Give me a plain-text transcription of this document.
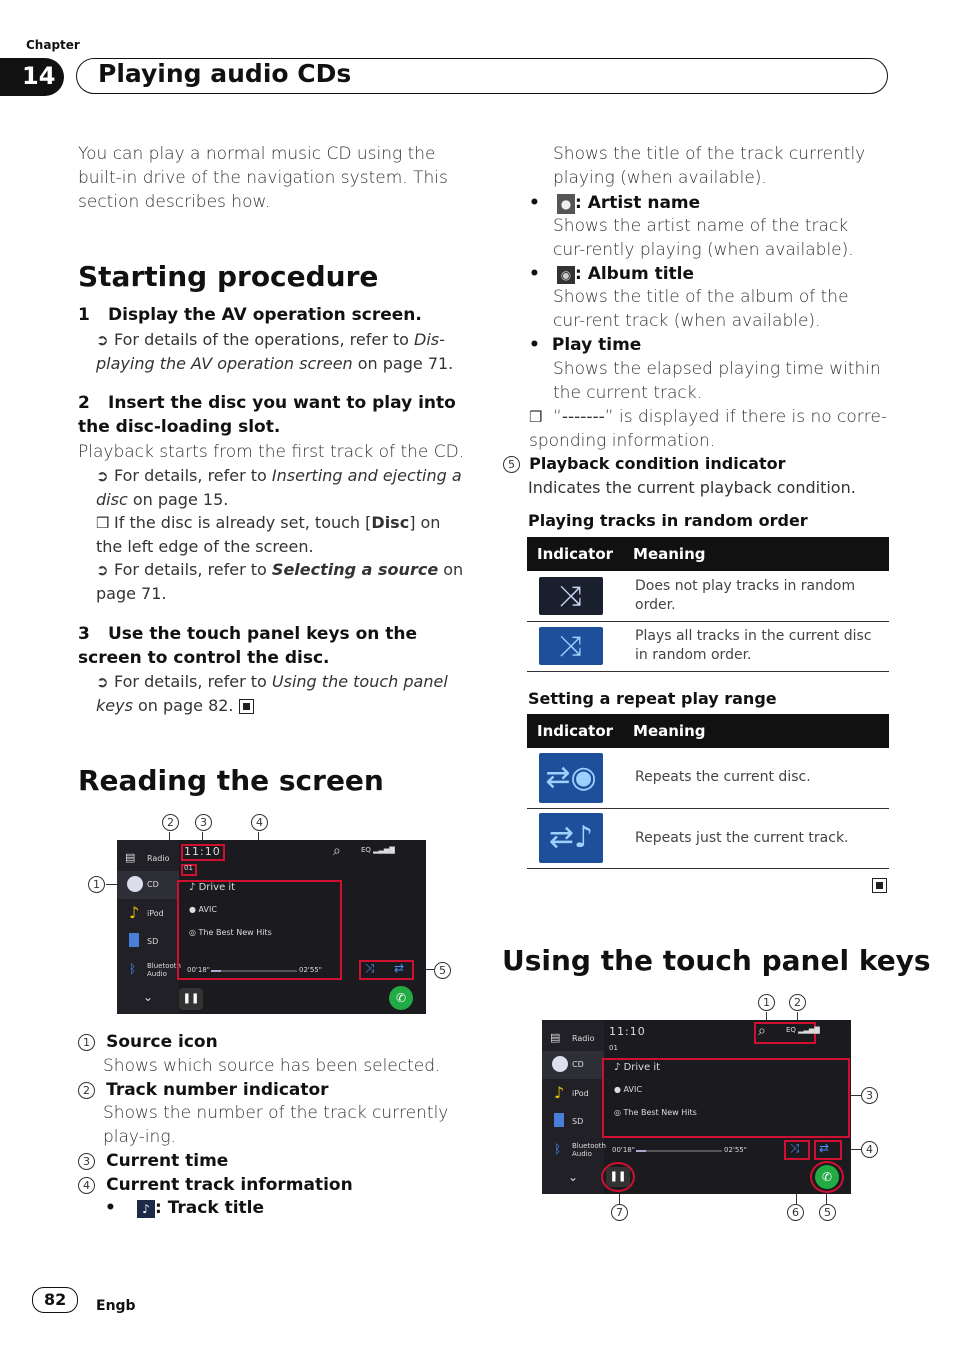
Chapter
14 Playing audio CDs
You can play a normal music CD using the built-in drive of the navigation system. This section describes how.
Starting procedure
1 Display the AV operation screen.
➲ For details of the operations, refer to Dis-playing the AV operation screen on page 71.
2 Insert the disc you want to play into the disc-loading slot.
Playback starts from the first track of the CD.
➲ For details, refer to Inserting and ejecting a disc on page 15.
❒ If the disc is already set, touch [Disc] on the left edge of the screen.
➲ For details, refer to Selecting a source on page 71.
3 Use the touch panel keys on the screen to control the disc.
➲ For details, refer to Using the touch panel keys on page 82.
Reading the screen
2	3	4
1
5
▤ Radio
CD
♪ iPod
SD
ᛒ Bluetooth Audio
⌄
11:10
01
⌕	EQ ▂▃▅▇
♪ Drive it
● AVIC
◎ The Best New Hits
00'18"	02'55"	⤨ ⇄
❚❚	✆
1 Source icon
Shows which source has been selected.
2 Track number indicator
Shows the number of the track currently play-ing.
3 Current time
4 Current track information
• ♪ : Track title
Shows the title of the track currently playing (when available).
• ● : Artist name
Shows the artist name of the track cur-rently playing (when available).
• ◉ : Album title
Shows the title of the album of the cur-rent track (when available).
• Play time
Shows the elapsed playing time within the current track.
❒ “-------” is displayed if there is no corre-sponding information.
5 Playback condition indicator
Indicates the current playback condition.
Playing tracks in random order
Indicator	Meaning
⤨	Does not play tracks in random order.
⤨	Plays all tracks in the current disc in random order.
Setting a repeat play range
Indicator	Meaning
⇄◉	Repeats the current disc.
⇄♪	Repeats just the current track.
Using the touch panel keys
1	2
3
4
6	5
7
▤ Radio
CD
♪ iPod
SD
ᛒ Bluetooth Audio
⌄
11:10
01
⌕	EQ ▂▃▅▇
♪ Drive it
● AVIC
◎ The Best New Hits
00'18"	02'55"	⤨ ⇄
❚❚	✆
82 Engb
